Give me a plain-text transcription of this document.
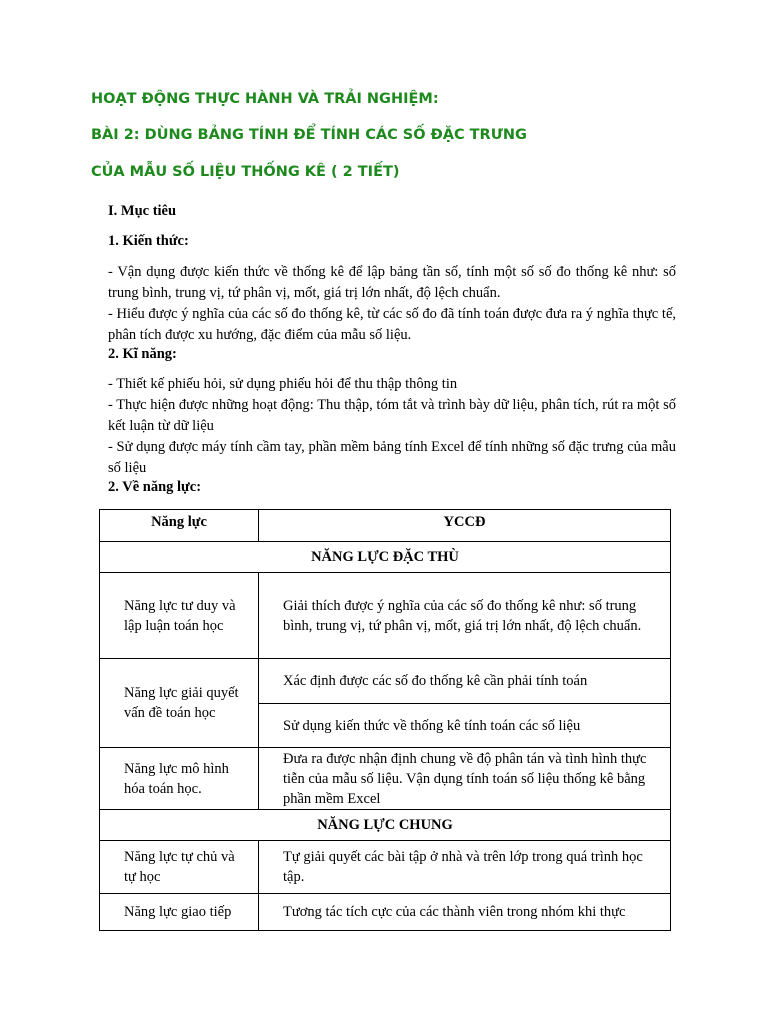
HOẠT ĐỘNG THỰC HÀNH VÀ TRẢI NGHIỆM:
BÀI 2: DÙNG BẢNG TÍNH ĐỂ TÍNH CÁC SỐ ĐẶC TRƯNG
CỦA MẪU SỐ LIỆU THỐNG KÊ ( 2 TIẾT)
I. Mục tiêu
1. Kiến thức:

- Vận dụng được kiến thức về thống kê để lập bảng tần số, tính một số số đo thống kê như: số trung bình, trung vị, tứ phân vị, mốt, giá trị lớn nhất, độ lệch chuẩn.

- Hiểu được ý nghĩa của các số đo thống kê, từ các số đo đã tính toán được đưa ra ý nghĩa thực tế, phân tích được xu hướng, đặc điểm của mẫu số liệu.

2. Kĩ năng:

- Thiết kế phiếu hỏi, sử dụng phiếu hỏi để thu thập thông tin

- Thực hiện được những hoạt động: Thu thập, tóm tắt và trình bày dữ liệu, phân tích, rút ra một số kết luận từ dữ liệu

- Sử dụng được máy tính cầm tay, phần mềm bảng tính Excel để tính những số đặc trưng của mẫu số liệu

2. Về năng lực:
Năng lực	YCCĐ
NĂNG LỰC ĐẶC THÙ	
Năng lực tư duy và lập luận toán học	Giải thích được ý nghĩa của các số đo thống kê như: số trung bình, trung vị, tứ phân vị, mốt, giá trị lớn nhất, độ lệch chuẩn.
Năng lực giải quyết vấn đề toán học	Xác định được các số đo thống kê cần phải tính toán
	Sử dụng kiến thức về thống kê tính toán các số liệu
Năng lực mô hình hóa toán học.	Đưa ra được nhận định chung về độ phân tán và tình hình thực tiễn của mẫu số liệu. Vận dụng tính toán số liệu thống kê bằng phần mềm Excel
NĂNG LỰC CHUNG	
Năng lực tự chủ và tự học	Tự giải quyết các bài tập ở nhà và trên lớp trong quá trình học tập.
Năng lực giao tiếp	Tương tác tích cực của các thành viên trong nhóm khi thực
